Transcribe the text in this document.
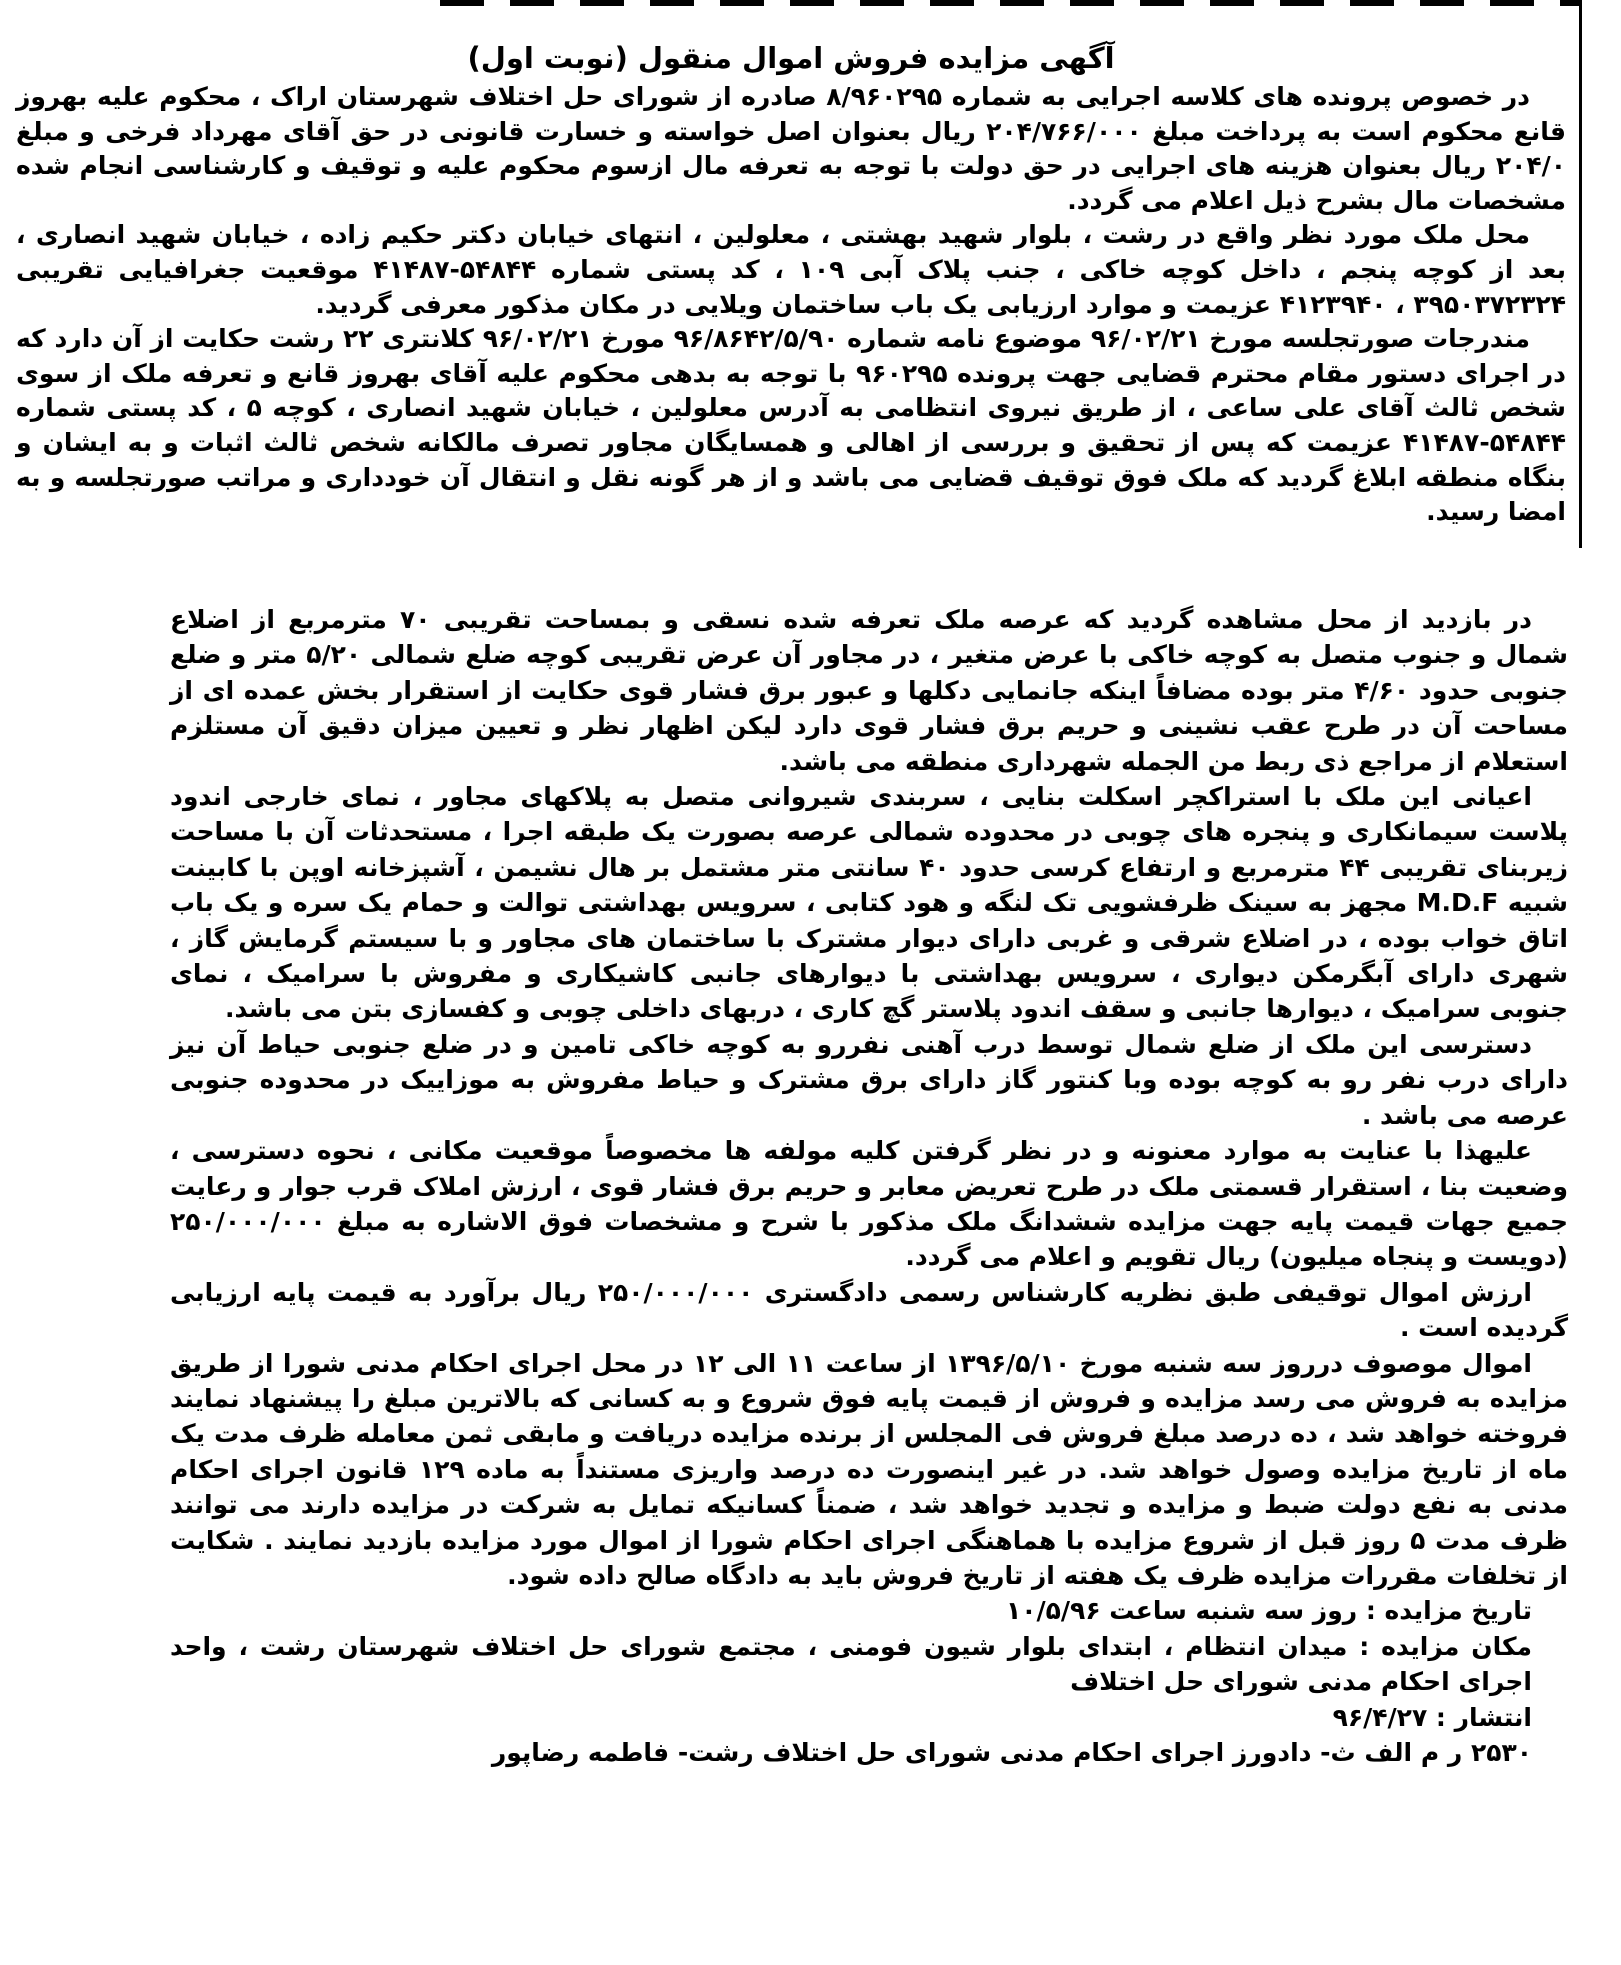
آگهی مزایده فروش اموال منقول (نوبت اول)

در خصوص پرونده های کلاسه اجرایی به شماره ۸/۹۶۰۲۹۵ صادره از شورای حل اختلاف شهرستان اراک ، محکوم علیه بهروز قانع محکوم است به پرداخت مبلغ ۲۰۴/۷۶۶/۰۰۰ ریال بعنوان اصل خواسته و خسارت قانونی در حق آقای مهرداد فرخی و مبلغ ۲۰۴/۰ ریال بعنوان هزینه های اجرایی در حق دولت با توجه به تعرفه مال ازسوم محکوم علیه و توقیف و کارشناسی انجام شده مشخصات مال بشرح ذیل اعلام می گردد.

محل ملک مورد نظر واقع در رشت ، بلوار شهید بهشتی ، معلولین ، انتهای خیابان دکتر حکیم زاده ، خیابان شهید انصاری ، بعد از کوچه پنجم ، داخل کوچه خاکی ، جنب پلاک آبی ۱۰۹ ، کد پستی شماره ۵۴۸۴۴-۴۱۴۸۷ موقعیت جغرافیایی تقریبی ۳۹۵۰۳۷۲۳۲۴ ، ۴۱۲۳۹۴۰ عزیمت و موارد ارزیابی یک باب ساختمان ویلایی در مکان مذکور معرفی گردید.

مندرجات صورتجلسه مورخ ۹۶/۰۲/۲۱ موضوع نامه شماره ۹۶/۸۶۴۲/۵/۹۰ مورخ ۹۶/۰۲/۲۱ کلانتری ۲۲ رشت حکایت از آن دارد که در اجرای دستور مقام محترم قضایی جهت پرونده ۹۶۰۲۹۵ با توجه به بدهی محکوم علیه آقای بهروز قانع و تعرفه ملک از سوی شخص ثالث آقای علی ساعی ، از طریق نیروی انتظامی به آدرس معلولین ، خیابان شهید انصاری ، کوچه ۵ ، کد پستی شماره ۵۴۸۴۴-۴۱۴۸۷ عزیمت که پس از تحقیق و بررسی از اهالی و همسایگان مجاور تصرف مالکانه شخص ثالث اثبات و به ایشان و بنگاه منطقه ابلاغ گردید که ملک فوق توقیف قضایی می باشد و از هر گونه نقل و انتقال آن خودداری و مراتب صورتجلسه و به امضا رسید.

در بازدید از محل مشاهده گردید که عرصه ملک تعرفه شده نسقی و بمساحت تقریبی ۷۰ مترمربع از اضلاع شمال و جنوب متصل به کوچه خاکی با عرض متغیر ، در مجاور آن عرض تقریبی کوچه ضلع شمالی ۵/۲۰ متر و ضلع جنوبی حدود ۴/۶۰ متر بوده مضافاً اینکه جانمایی دکلها و عبور برق فشار قوی حکایت از استقرار بخش عمده ای از مساحت آن در طرح عقب نشینی و حریم برق فشار قوی دارد لیکن اظهار نظر و تعیین میزان دقیق آن مستلزم استعلام از مراجع ذی ربط من الجمله شهرداری منطقه می باشد.

اعیانی این ملک با استراکچر اسکلت بنایی ، سربندی شیروانی متصل به پلاکهای مجاور ، نمای خارجی اندود پلاست سیمانکاری و پنجره های چوبی در محدوده شمالی عرصه بصورت یک طبقه اجرا ، مستحدثات آن با مساحت زیربنای تقریبی ۴۴ مترمربع و ارتفاع کرسی حدود ۴۰ سانتی متر مشتمل بر هال نشیمن ، آشپزخانه اوپن با کابینت شبیه M.D.F مجهز به سینک ظرفشویی تک لنگه و هود کتابی ، سرویس بهداشتی توالت و حمام یک سره و یک باب اتاق خواب بوده ، در اضلاع شرقی و غربی دارای دیوار مشترک با ساختمان های مجاور و با سیستم گرمایش گاز ، شهری دارای آبگرمکن دیواری ، سرویس بهداشتی با دیوارهای جانبی کاشیکاری و مفروش با سرامیک ، نمای جنوبی سرامیک ، دیوارها جانبی و سقف اندود پلاستر گچ کاری ، دربهای داخلی چوبی و کفسازی بتن می باشد.

دسترسی این ملک از ضلع شمال توسط درب آهنی نفررو به کوچه خاکی تامین و در ضلع جنوبی حیاط آن نیز دارای درب نفر رو به کوچه بوده وبا کنتور گاز دارای برق مشترک و حیاط مفروش به موزاییک در محدوده جنوبی عرصه می باشد .

علیهذا با عنایت به موارد معنونه و در نظر گرفتن کلیه مولفه ها مخصوصاً موقعیت مکانی ، نحوه دسترسی ، وضعیت بنا ، استقرار قسمتی ملک در طرح تعریض معابر و حریم برق فشار قوی ، ارزش املاک قرب جوار و رعایت جمیع جهات قیمت پایه جهت مزایده ششدانگ ملک مذکور با شرح و مشخصات فوق الاشاره به مبلغ ۲۵۰/۰۰۰/۰۰۰ (دویست و پنجاه میلیون) ریال تقویم و اعلام می گردد.

ارزش اموال توقیفی طبق نظریه کارشناس رسمی دادگستری ۲۵۰/۰۰۰/۰۰۰ ریال برآورد به قیمت پایه ارزیابی گردیده است .

اموال موصوف درروز سه شنبه مورخ ۱۳۹۶/۵/۱۰ از ساعت ۱۱ الی ۱۲ در محل اجرای احکام مدنی شورا از طریق مزایده به فروش می رسد مزایده و فروش از قیمت پایه فوق شروع و به کسانی که بالاترین مبلغ را پیشنهاد نمایند فروخته خواهد شد ، ده درصد مبلغ فروش فی المجلس از برنده مزایده دریافت و مابقی ثمن معامله ظرف مدت یک ماه از تاریخ مزایده وصول خواهد شد. در غیر اینصورت ده درصد واریزی مستنداً به ماده ۱۲۹ قانون اجرای احکام مدنی به نفع دولت ضبط و مزایده و تجدید خواهد شد ، ضمناً کسانیکه تمایل به شرکت در مزایده دارند می توانند ظرف مدت ۵ روز قبل از شروع مزایده با هماهنگی اجرای احکام شورا از اموال مورد مزایده بازدید نمایند . شکایت از تخلفات مقررات مزایده ظرف یک هفته از تاریخ فروش باید به دادگاه صالح داده شود.

تاریخ مزایده : روز سه شنبه ساعت ۱۰/۵/۹۶
مکان مزایده : میدان انتظام ، ابتدای بلوار شیون فومنی ، مجتمع شورای حل اختلاف شهرستان رشت ، واحد اجرای احکام مدنی شورای حل اختلاف
انتشار : ۹۶/۴/۲۷
۲۵۳۰ ر م الف ث- دادورز اجرای احکام مدنی شورای حل اختلاف رشت- فاطمه رضاپور
